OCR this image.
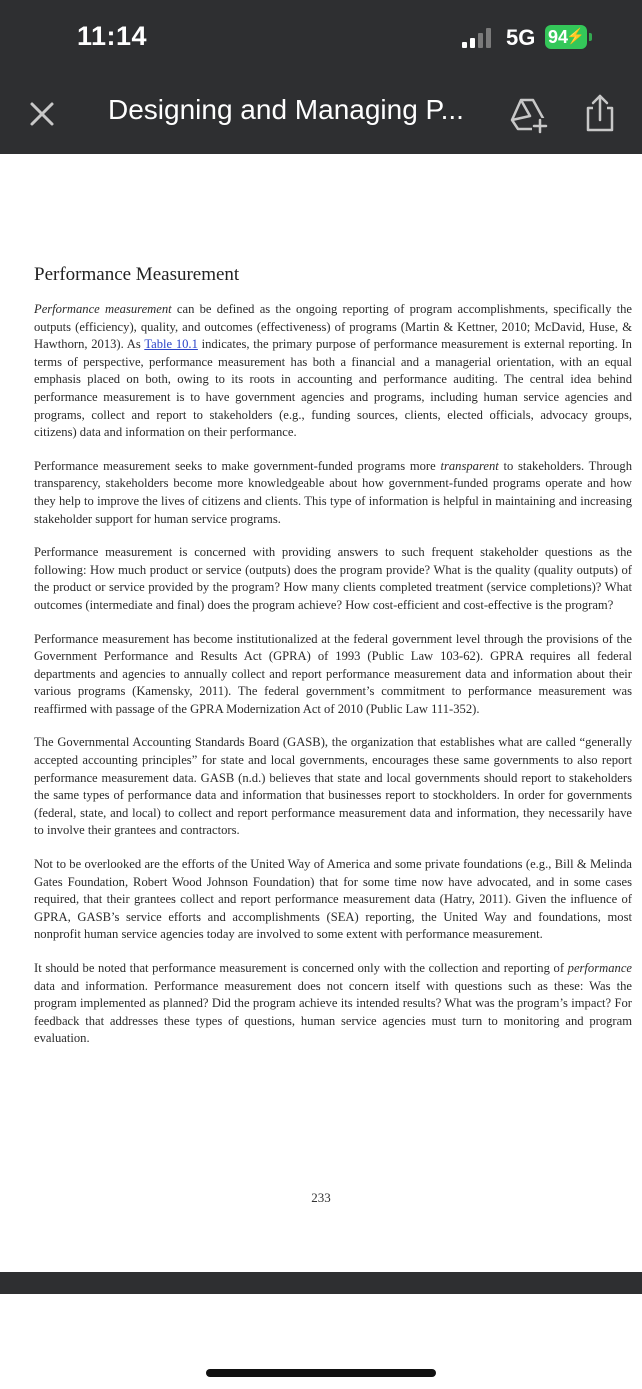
11:14	5G 94
⚡
Designing and Managing P...
Performance Measurement

Performance measurement can be defined as the ongoing reporting of program accomplishments, specifically the outputs (efficiency), quality, and outcomes (effectiveness) of programs (Martin & Kettner, 2010; McDavid, Huse, & Hawthorn, 2013). As Table 10.1 indicates, the primary purpose of performance measurement is external reporting. In terms of perspective, performance measurement has both a financial and a managerial orientation, with an equal emphasis placed on both, owing to its roots in accounting and performance auditing. The central idea behind performance measurement is to have government agencies and programs, including human service agencies and programs, collect and report to stakeholders (e.g., funding sources, clients, elected officials, advocacy groups, citizens) data and information on their performance.

Performance measurement seeks to make government-funded programs more transparent to stakeholders. Through transparency, stakeholders become more knowledgeable about how government-funded programs operate and how they help to improve the lives of citizens and clients. This type of information is helpful in maintaining and increasing stakeholder support for human service programs.

Performance measurement is concerned with providing answers to such frequent stakeholder questions as the following: How much product or service (outputs) does the program provide? What is the quality (quality outputs) of the product or service provided by the program? How many clients completed treatment (service completions)? What outcomes (intermediate and final) does the program achieve? How cost-efficient and cost-effective is the program?

Performance measurement has become institutionalized at the federal government level through the provisions of the Government Performance and Results Act (GPRA) of 1993 (Public Law 103-62). GPRA requires all federal departments and agencies to annually collect and report performance measurement data and information about their various programs (Kamensky, 2011). The federal government’s commitment to performance measurement was reaffirmed with passage of the GPRA Modernization Act of 2010 (Public Law 111-352).

The Governmental Accounting Standards Board (GASB), the organization that establishes what are called “generally accepted accounting principles” for state and local governments, encourages these same governments to also report performance measurement data. GASB (n.d.) believes that state and local governments should report to stakeholders the same types of performance data and information that businesses report to stockholders. In order for governments (federal, state, and local) to collect and report performance measurement data and information, they necessarily have to involve their grantees and contractors.

Not to be overlooked are the efforts of the United Way of America and some private foundations (e.g., Bill & Melinda Gates Foundation, Robert Wood Johnson Foundation) that for some time now have advocated, and in some cases required, that their grantees collect and report performance measurement data (Hatry, 2011). Given the influence of GPRA, GASB’s service efforts and accomplishments (SEA) reporting, the United Way and foundations, most nonprofit human service agencies today are involved to some extent with performance measurement.

It should be noted that performance measurement is concerned only with the collection and reporting of performance data and information. Performance measurement does not concern itself with questions such as these: Was the program implemented as planned? Did the program achieve its intended results? What was the program’s impact? For feedback that addresses these types of questions, human service agencies must turn to monitoring and program evaluation.

233
